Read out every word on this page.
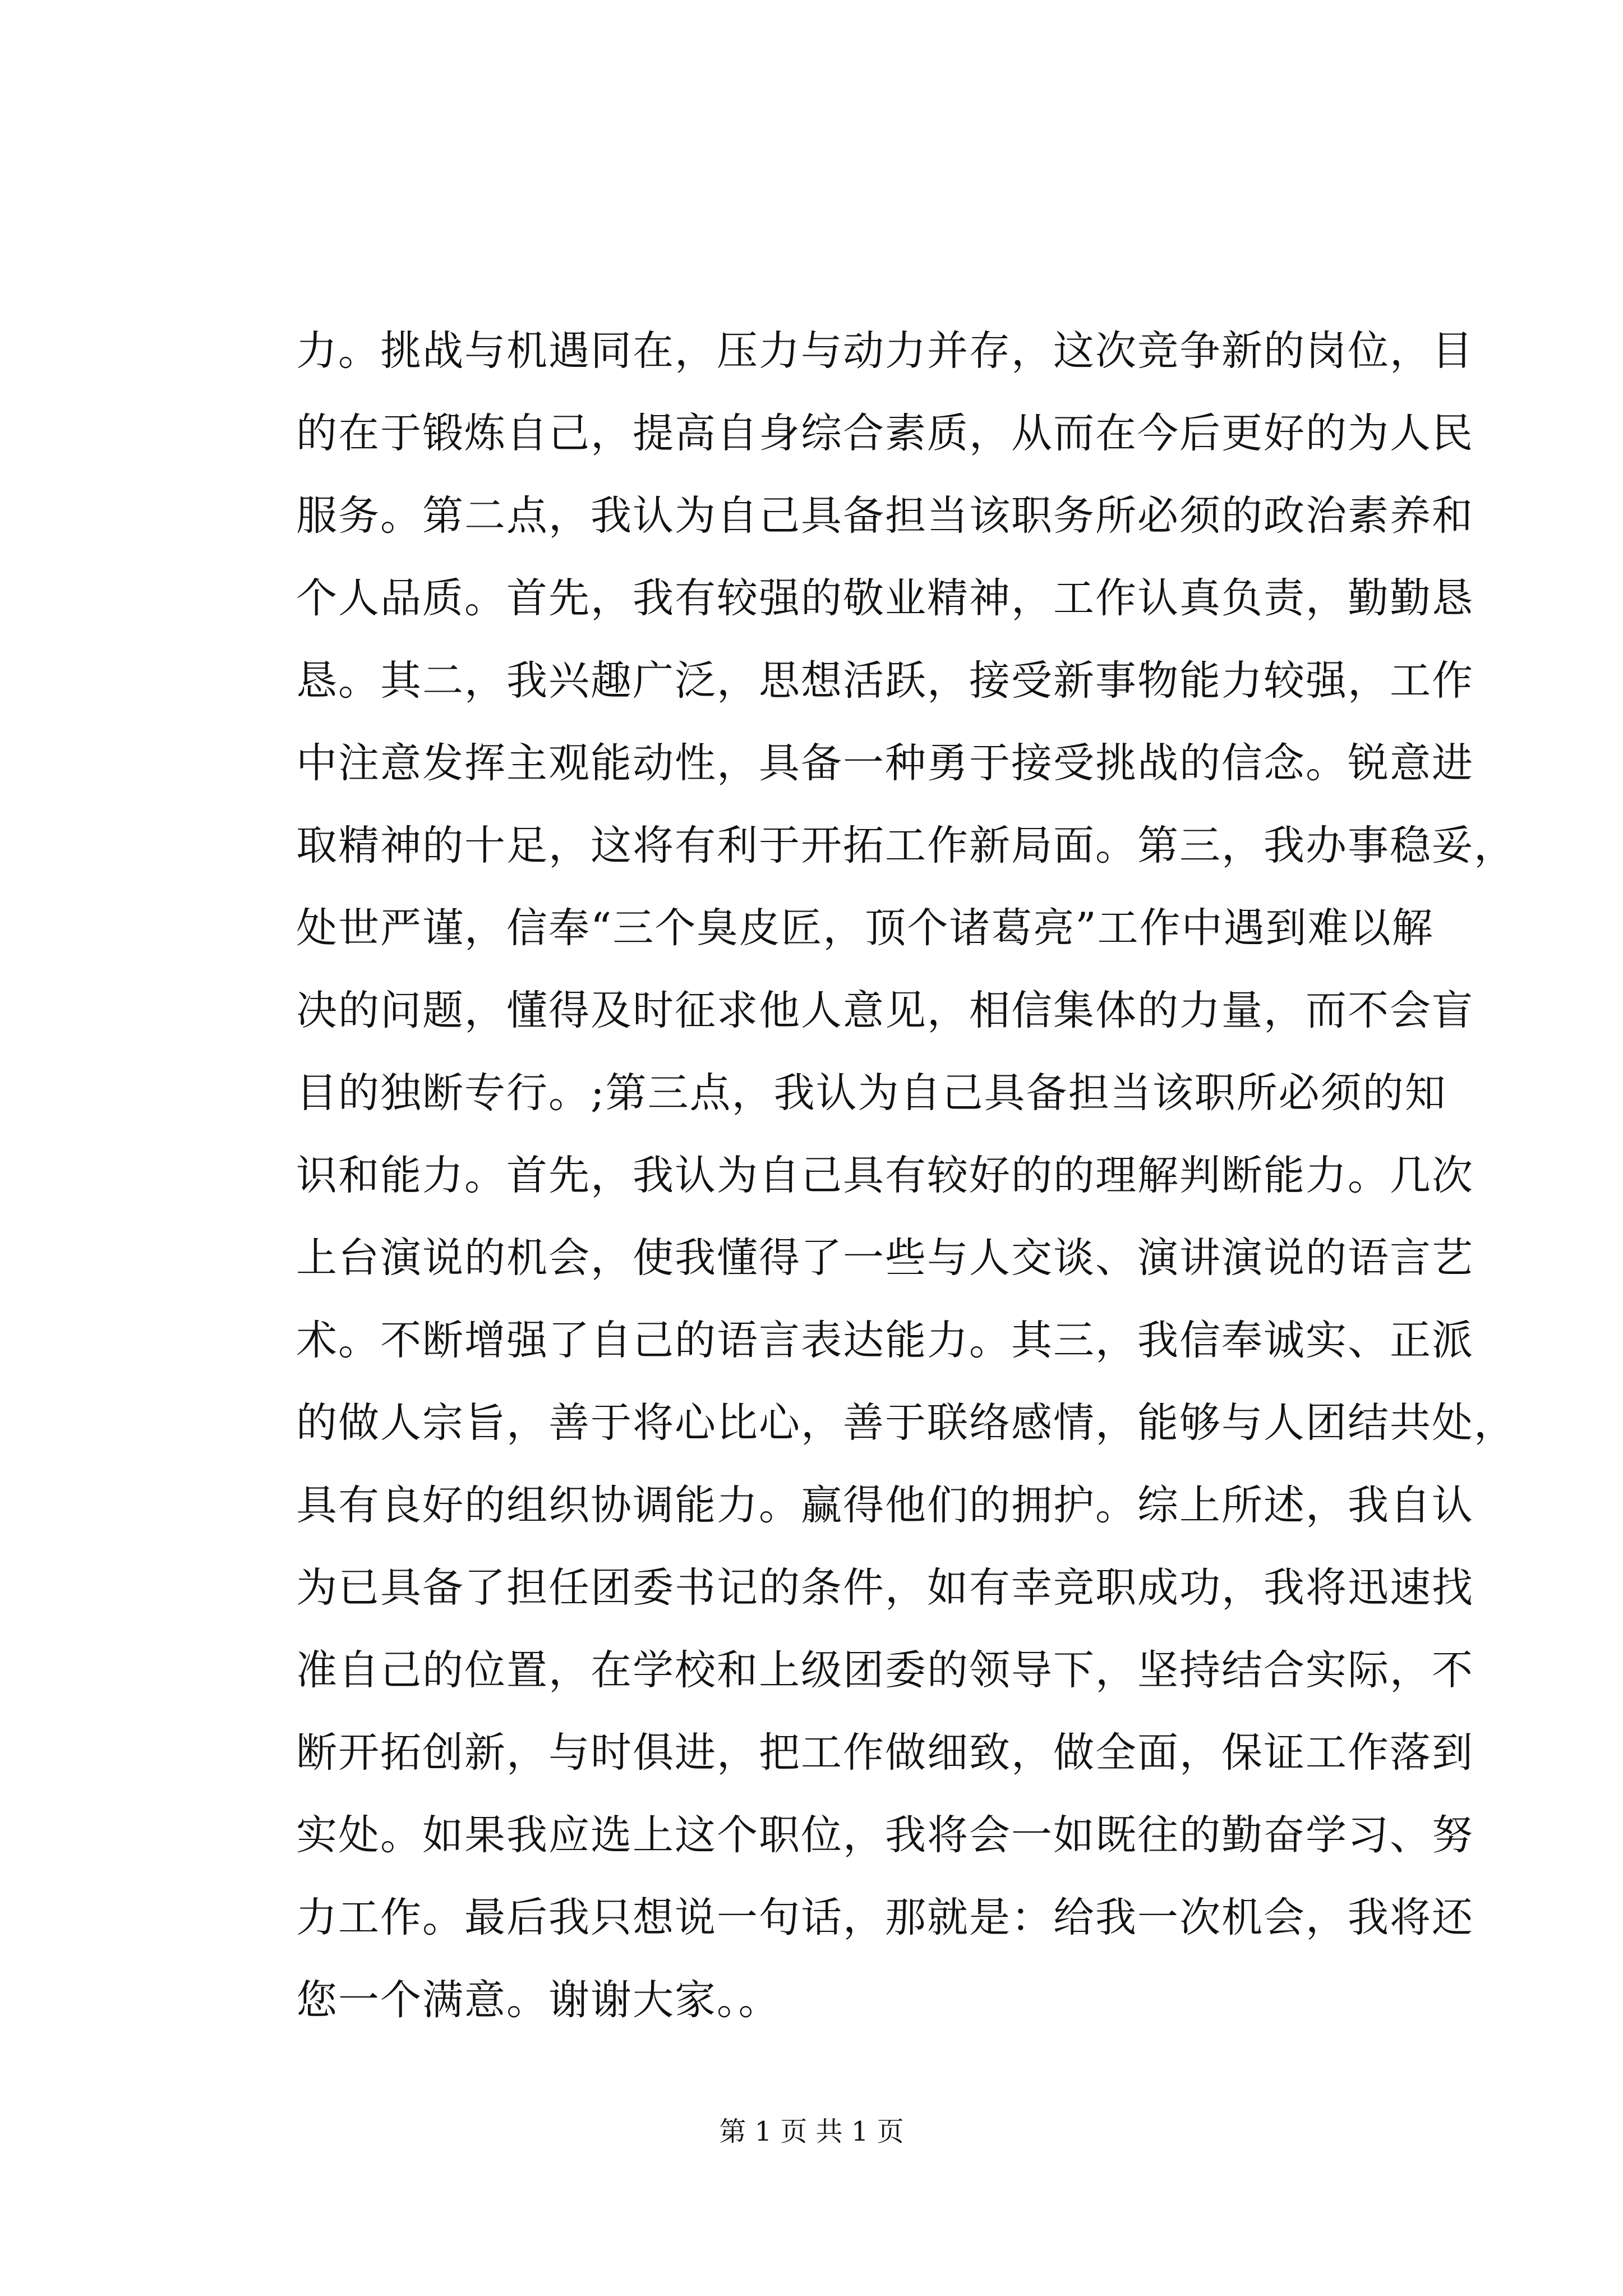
力。挑战与机遇同在，压力与动力并存，这次竞争新的岗位，目
的在于锻炼自己，提高自身综合素质，从而在今后更好的为人民
服务。第二点，我认为自己具备担当该职务所必须的政治素养和
个人品质。首先，我有较强的敬业精神，工作认真负责，勤勤恳
恳。其二，我兴趣广泛，思想活跃，接受新事物能力较强，工作
中注意发挥主观能动性，具备一种勇于接受挑战的信念。锐意进
取精神的十足，这将有利于开拓工作新局面。第三，我办事稳妥，
处世严谨，信奉“三个臭皮匠，顶个诸葛亮”工作中遇到难以解
决的问题，懂得及时征求他人意见，相信集体的力量，而不会盲
目的独断专行。;第三点，我认为自己具备担当该职所必须的知
识和能力。首先，我认为自己具有较好的的理解判断能力。几次
上台演说的机会，使我懂得了一些与人交谈、演讲演说的语言艺
术。不断增强了自己的语言表达能力。其三，我信奉诚实、正派
的做人宗旨，善于将心比心，善于联络感情，能够与人团结共处，
具有良好的组织协调能力。赢得他们的拥护。综上所述，我自认
为已具备了担任团委书记的条件，如有幸竞职成功，我将迅速找
准自己的位置，在学校和上级团委的领导下，坚持结合实际，不
断开拓创新，与时俱进，把工作做细致，做全面，保证工作落到
实处。如果我应选上这个职位，我将会一如既往的勤奋学习、努
力工作。最后我只想说一句话，那就是：给我一次机会，我将还
您一个满意。谢谢大家。。
第 1 页 共 1 页
